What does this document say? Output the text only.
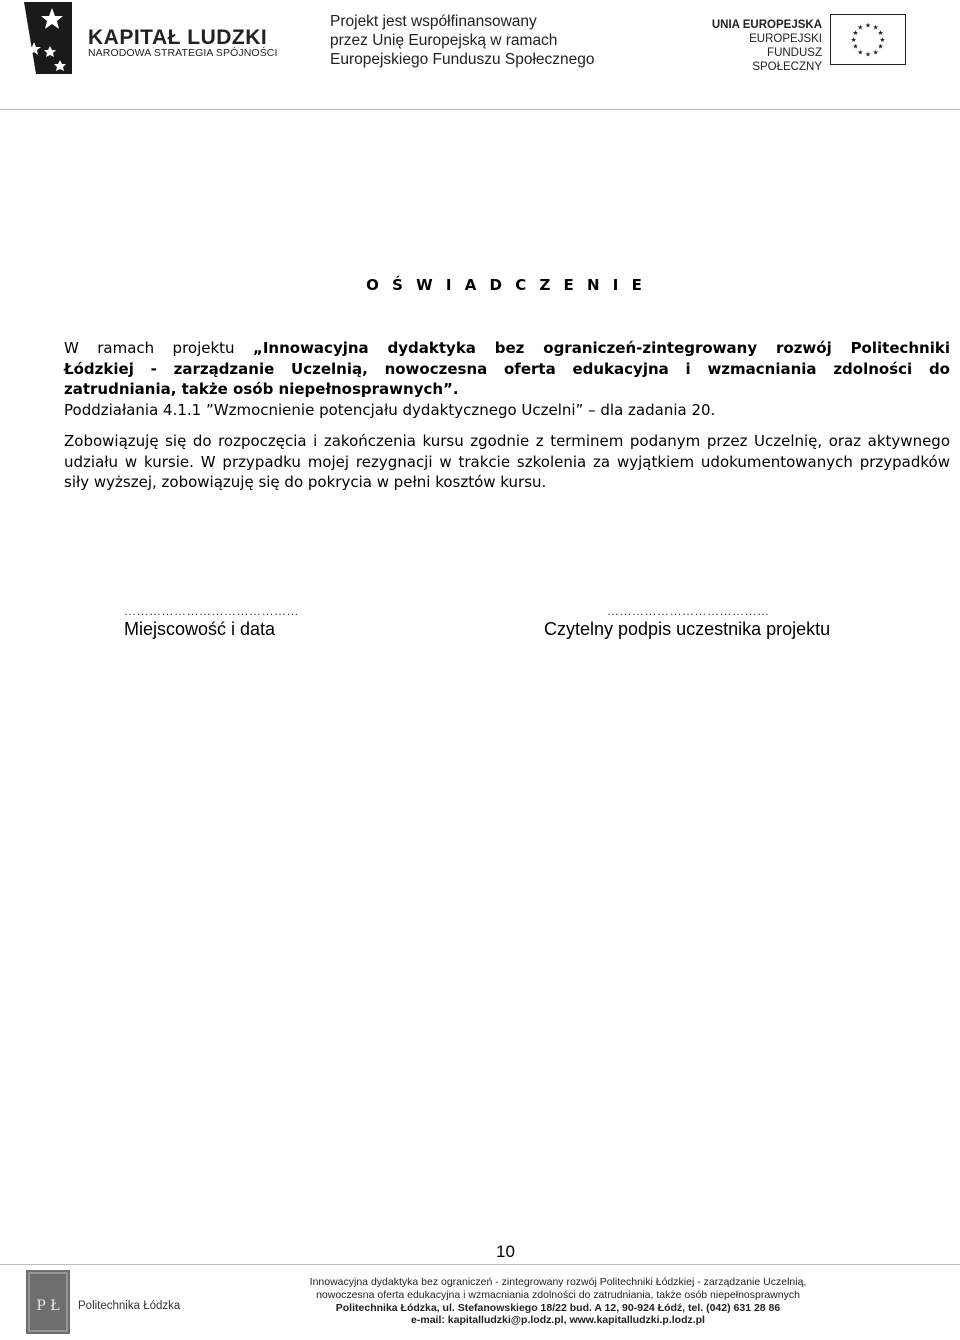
KAPITAŁ LUDZKI
NARODOWA STRATEGIA SPÓJNOŚCI
Projekt jest współfinansowany
przez Unię Europejską w ramach
Europejskiego Funduszu Społecznego
UNIA EUROPEJSKA
EUROPEJSKI
FUNDUSZ SPOŁECZNY
★ ★
★
★
★
★
★
★
★
★
★
★
O Ś W I A D C Z E N I E
W ramach projektu „Innowacyjna dydaktyka bez ograniczeń-zintegrowany rozwój Politechniki
Łódzkiej - zarządzanie Uczelnią, nowoczesna oferta edukacyjna i wzmacniania zdolności do
zatrudniania, także osób niepełnosprawnych”.
Poddziałania 4.1.1 ”Wzmocnienie potencjału dydaktycznego Uczelni” – dla zadania 20.
Zobowiązuję się do rozpoczęcia i zakończenia kursu zgodnie z terminem podanym przez Uczelnię, oraz aktywnego
udziału w kursie. W przypadku mojej rezygnacji w trakcie szkolenia za wyjątkiem udokumentowanych przypadków
siły wyższej, zobowiązuję się do pokrycia w pełni kosztów kursu.
……………………………………
Miejscowość i data
…………………………………
Czytelny podpis uczestnika projektu
10
P Ł Politechnika Łódzka
Innowacyjna dydaktyka bez ograniczeń - zintegrowany rozwój Politechniki Łódzkiej - zarządzanie Uczelnią,
nowoczesna oferta edukacyjna i wzmacniania zdolności do zatrudniania, także osób niepełnosprawnych
Politechnika Łódzka, ul. Stefanowskiego 18/22 bud. A 12, 90-924 Łódź, tel. (042) 631 28 86
e-mail: kapitalludzki@p.lodz.pl, www.kapitalludzki.p.lodz.pl
